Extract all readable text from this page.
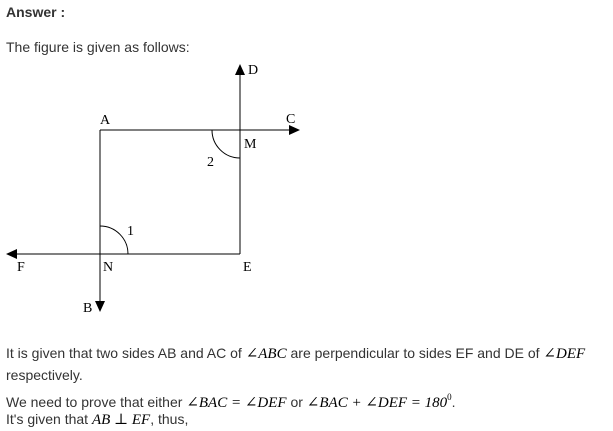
Answer :
The figure is given as follows:
D
A	C
M
2
1
F	N	E
B
It is given that two sides AB and AC of ∠ABC are perpendicular to sides EF and DE of ∠DEF
respectively.
We need to prove that either ∠BAC = ∠DEF or ∠BAC + ∠DEF = $180^0$.
It's given that AB ⊥ EF, thus,
